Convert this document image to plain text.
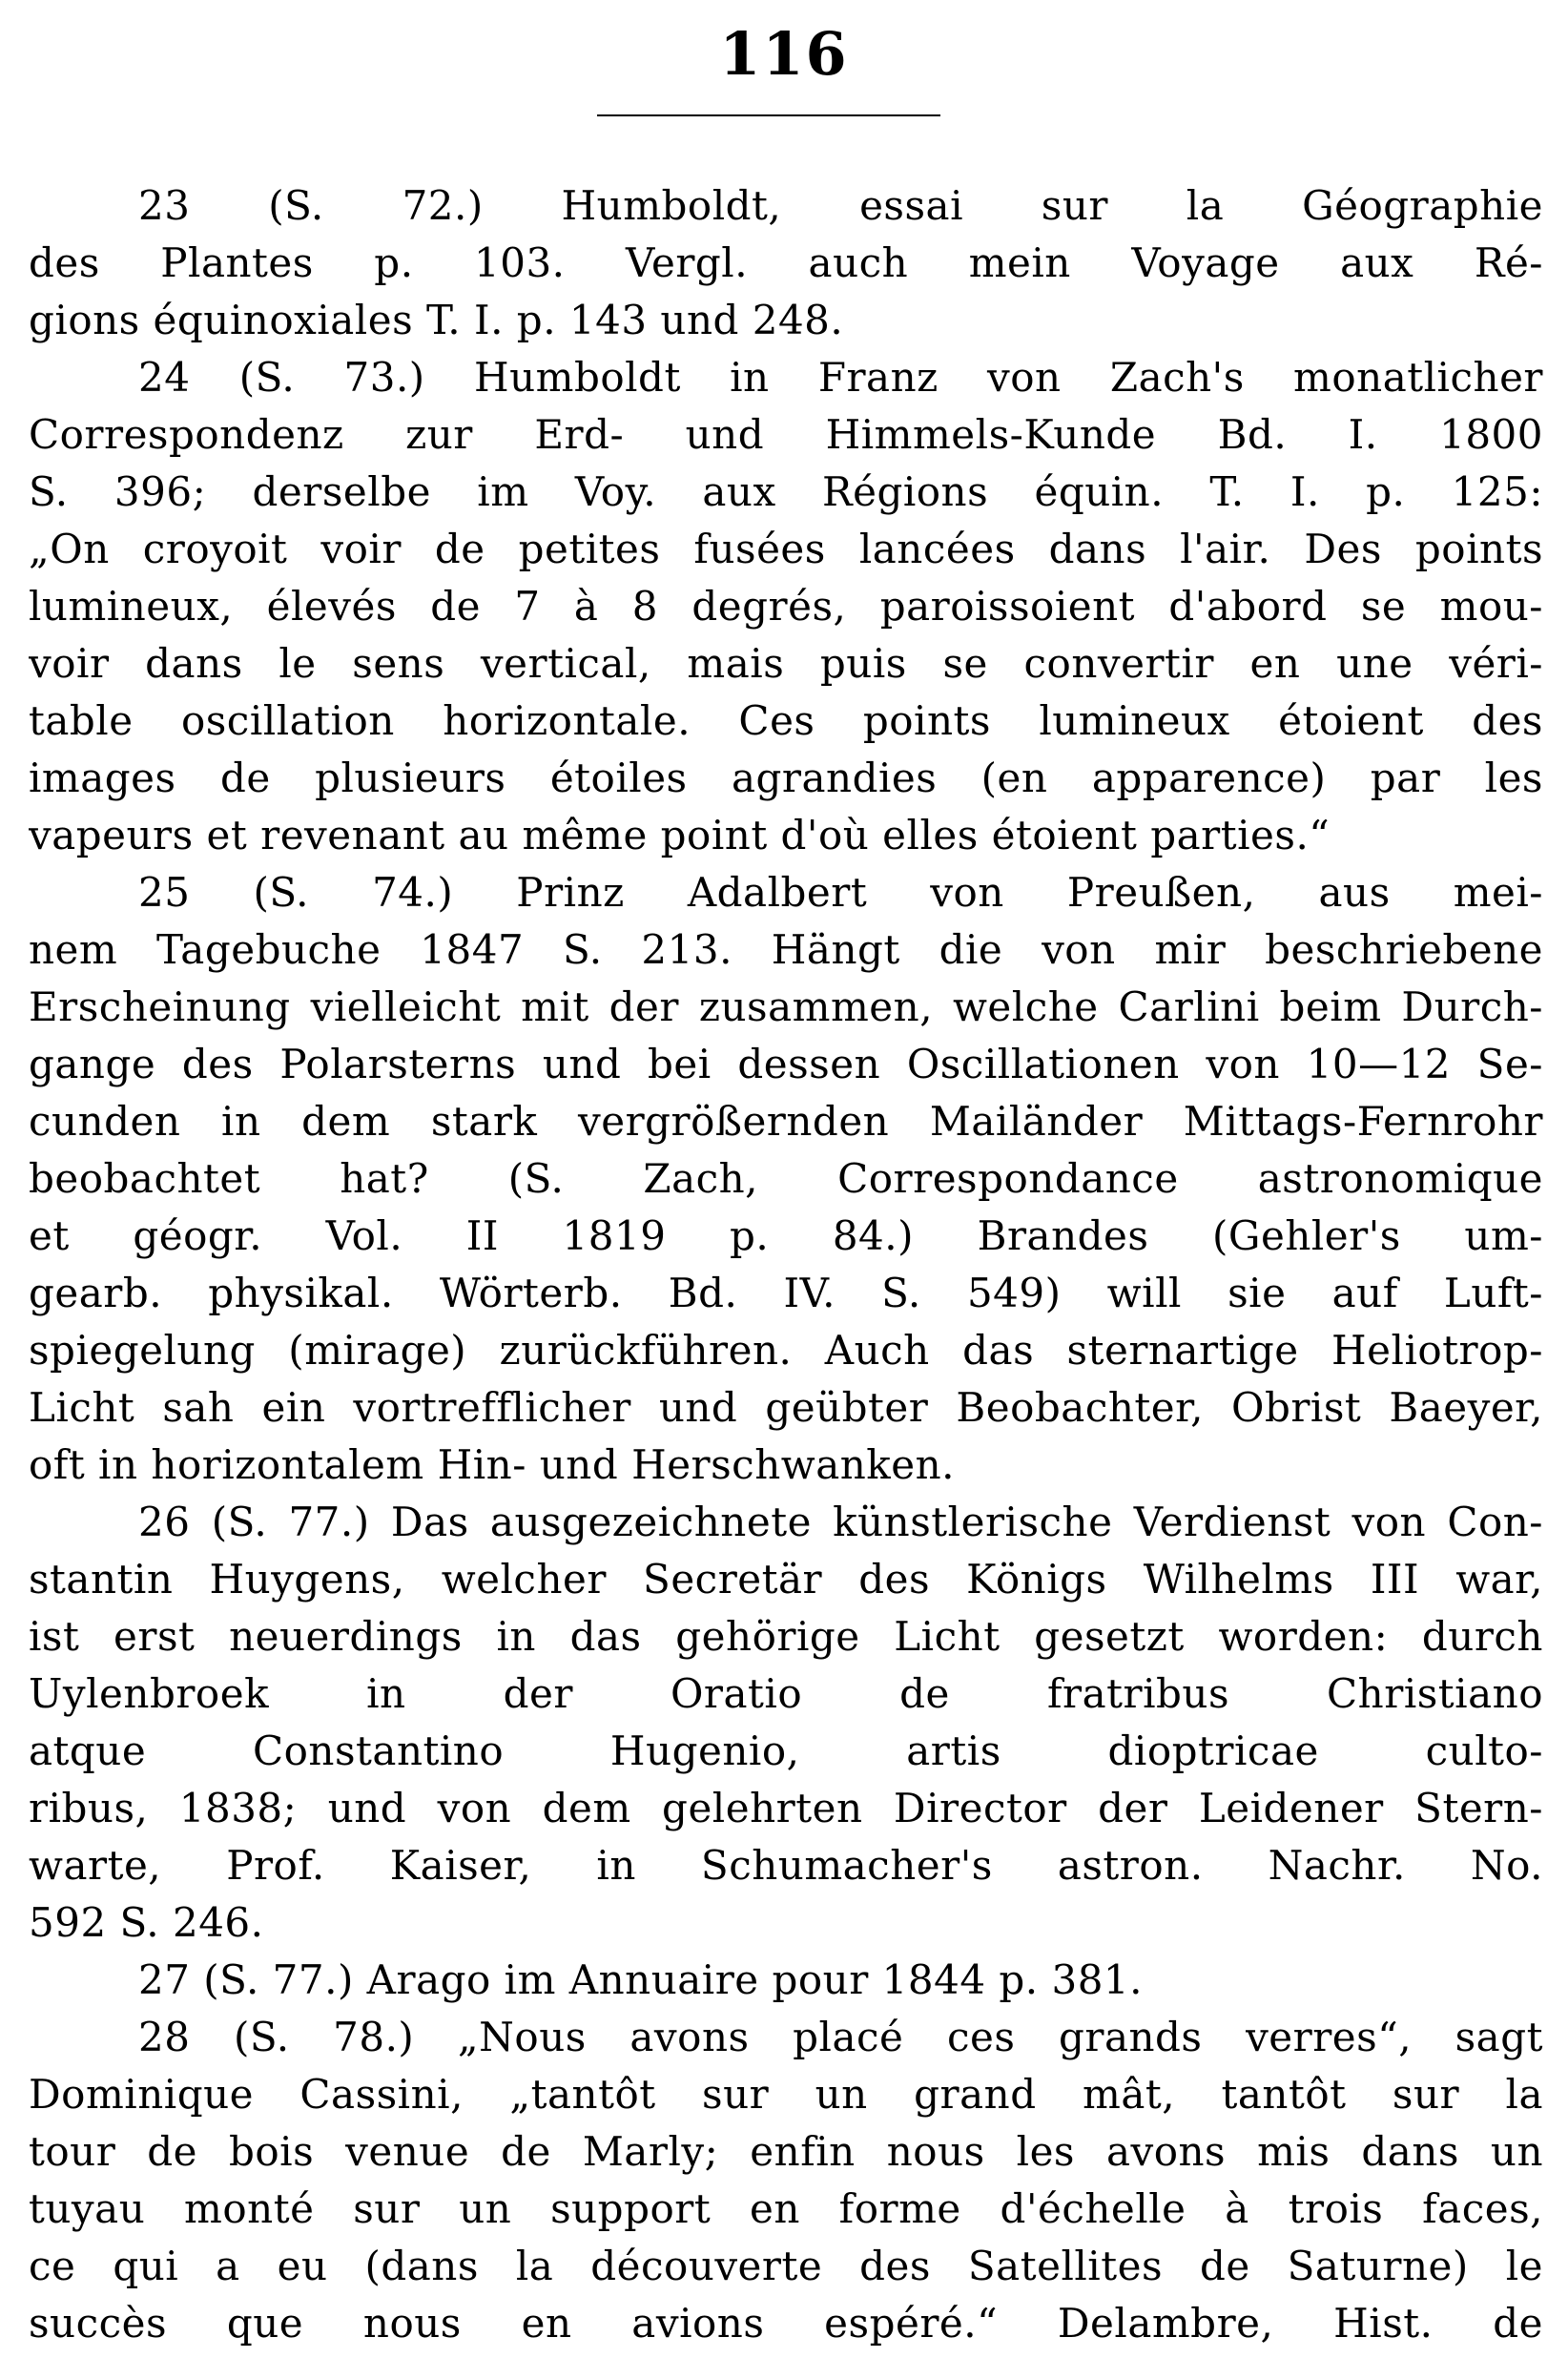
116
23 (S. 72.) Humboldt, essai sur la Géographie
des Plantes p. 103. Vergl. auch mein Voyage aux Ré-
gions équinoxiales T. I. p. 143 und 248.
24 (S. 73.) Humboldt in Franz von Zach's monatlicher
Correspondenz zur Erd- und Himmels-Kunde Bd. I. 1800
S. 396; derselbe im Voy. aux Régions équin. T. I. p. 125:
„On croyoit voir de petites fusées lancées dans l'air. Des points
lumineux, élevés de 7 à 8 degrés, paroissoient d'abord se mou-
voir dans le sens vertical, mais puis se convertir en une véri-
table oscillation horizontale. Ces points lumineux étoient des
images de plusieurs étoiles agrandies (en apparence) par les
vapeurs et revenant au même point d'où elles étoient parties.“
25 (S. 74.) Prinz Adalbert von Preußen, aus mei-
nem Tagebuche 1847 S. 213. Hängt die von mir beschriebene
Erscheinung vielleicht mit der zusammen, welche Carlini beim Durch-
gange des Polarsterns und bei dessen Oscillationen von 10—12 Se-
cunden in dem stark vergrößernden Mailänder Mittags-Fernrohr
beobachtet hat? (S. Zach, Correspondance astronomique
et géogr. Vol. II 1819 p. 84.) Brandes (Gehler's um-
gearb. physikal. Wörterb. Bd. IV. S. 549) will sie auf Luft-
spiegelung (mirage) zurückführen. Auch das sternartige Heliotrop-
Licht sah ein vortrefflicher und geübter Beobachter, Obrist Baeyer,
oft in horizontalem Hin- und Herschwanken.
26 (S. 77.) Das ausgezeichnete künstlerische Verdienst von Con-
stantin Huygens, welcher Secretär des Königs Wilhelms III war,
ist erst neuerdings in das gehörige Licht gesetzt worden: durch
Uylenbroek in der Oratio de fratribus Christiano
atque Constantino Hugenio, artis dioptricae culto-
ribus, 1838; und von dem gelehrten Director der Leidener Stern-
warte, Prof. Kaiser, in Schumacher's astron. Nachr. No.
592 S. 246.
27 (S. 77.) Arago im Annuaire pour 1844 p. 381.
28 (S. 78.) „Nous avons placé ces grands verres“, sagt
Dominique Cassini, „tantôt sur un grand mât, tantôt sur la
tour de bois venue de Marly; enfin nous les avons mis dans un
tuyau monté sur un support en forme d'échelle à trois faces,
ce qui a eu (dans la découverte des Satellites de Saturne) le
succès que nous en avions espéré.“ Delambre, Hist. de
